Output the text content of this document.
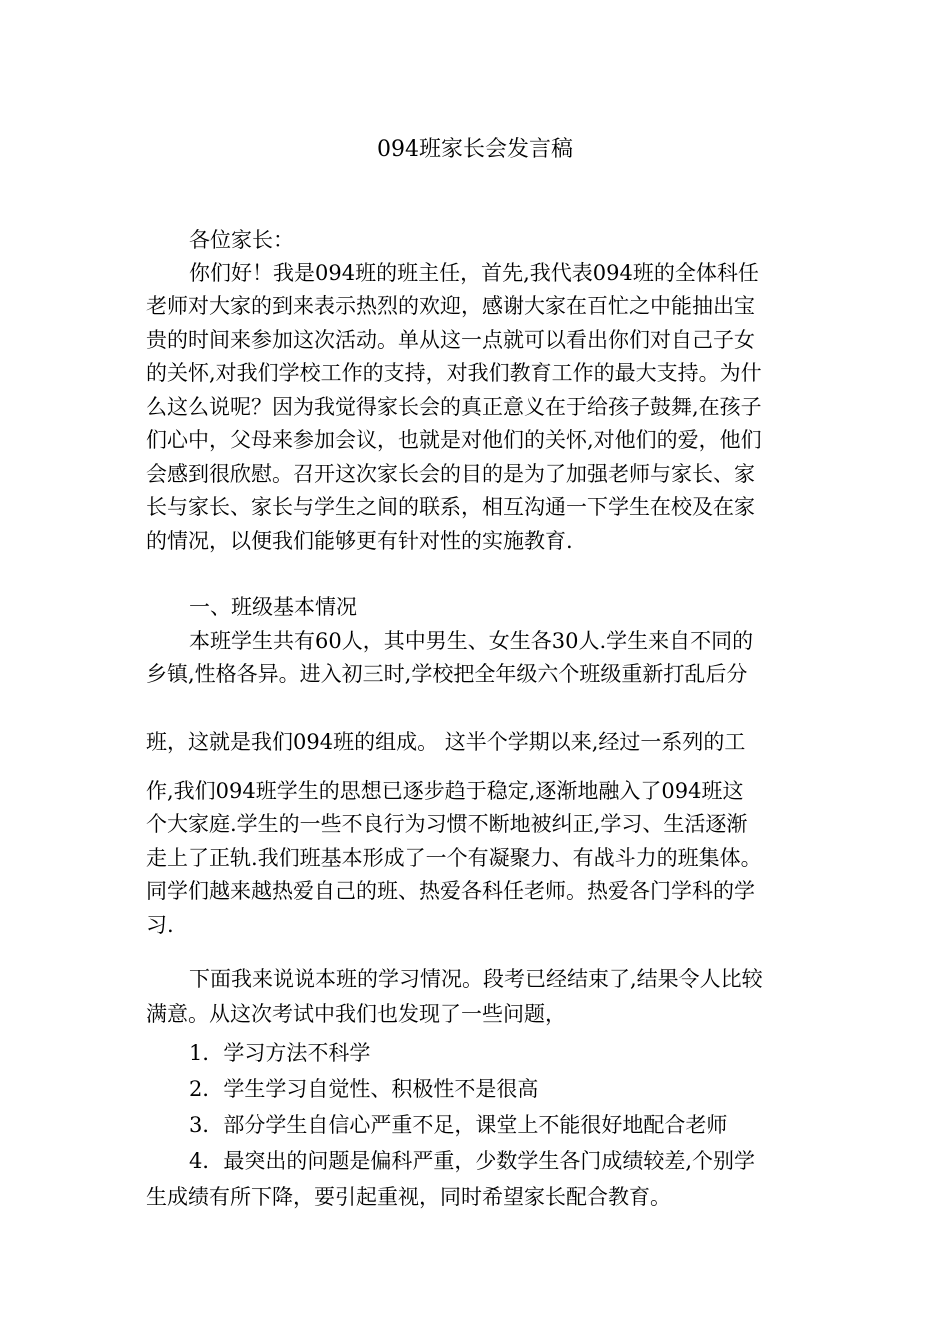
094班家长会发言稿
各位家长：
你们好！我是094班的班主任，首先,我代表094班的全体科任
老师对大家的到来表示热烈的欢迎，感谢大家在百忙之中能抽出宝
贵的时间来参加这次活动。单从这一点就可以看出你们对自己子女
的关怀,对我们学校工作的支持，对我们教育工作的最大支持。为什
么这么说呢？因为我觉得家长会的真正意义在于给孩子鼓舞,在孩子
们心中，父母来参加会议，也就是对他们的关怀,对他们的爱，他们
会感到很欣慰。召开这次家长会的目的是为了加强老师与家长、家
长与家长、家长与学生之间的联系，相互沟通一下学生在校及在家
的情况，以便我们能够更有针对性的实施教育.
一、班级基本情况
本班学生共有60人，其中男生、女生各30人.学生来自不同的
乡镇,性格各异。进入初三时,学校把全年级六个班级重新打乱后分
班，这就是我们094班的组成。 这半个学期以来,经过一系列的工
作,我们094班学生的思想已逐步趋于稳定,逐渐地融入了094班这
个大家庭.学生的一些不良行为习惯不断地被纠正,学习、生活逐渐
走上了正轨.我们班基本形成了一个有凝聚力、有战斗力的班集体。
同学们越来越热爱自己的班、热爱各科任老师。热爱各门学科的学
习.
下面我来说说本班的学习情况。段考已经结束了,结果令人比较
满意。从这次考试中我们也发现了一些问题，
1．学习方法不科学
2．学生学习自觉性、积极性不是很高
3．部分学生自信心严重不足，课堂上不能很好地配合老师
4．最突出的问题是偏科严重，少数学生各门成绩较差,个别学
生成绩有所下降，要引起重视，同时希望家长配合教育。
